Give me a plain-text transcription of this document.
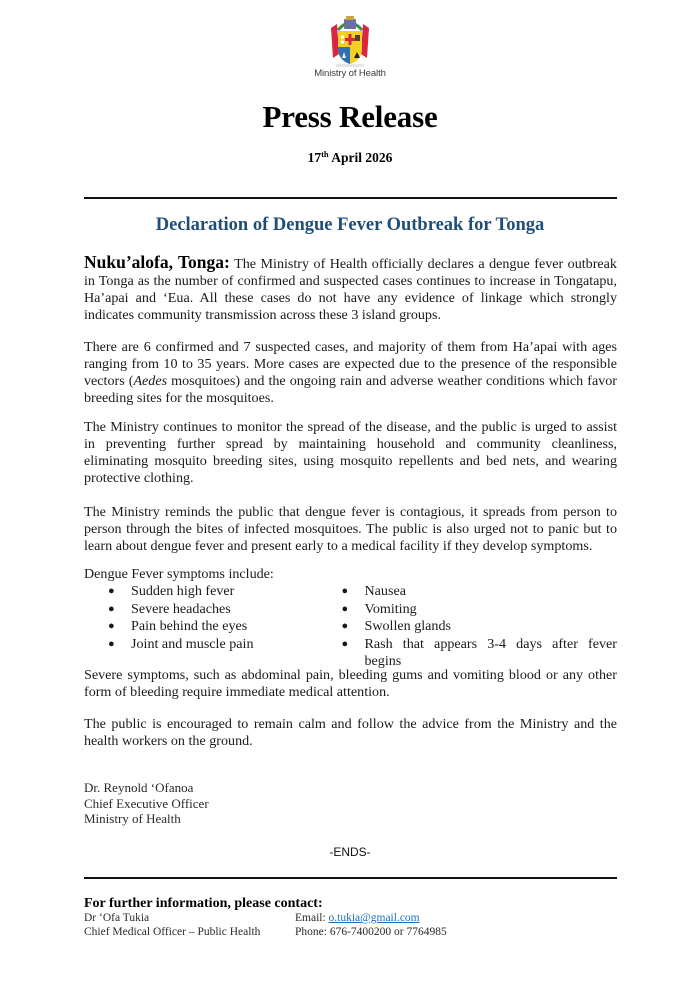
Ministry of Health
Press Release
17th April 2026
Declaration of Dengue Fever Outbreak for Tonga

Nuku’alofa, Tonga: The Ministry of Health officially declares a dengue fever outbreak in Tonga as the number of confirmed and suspected cases continues to increase in Tongatapu, Ha’apai and ‘Eua. All these cases do not have any evidence of linkage which strongly indicates community transmission across these 3 island groups.

There are 6 confirmed and 7 suspected cases, and majority of them from Ha’apai with ages ranging from 10 to 35 years. More cases are expected due to the presence of the responsible vectors (Aedes mosquitoes) and the ongoing rain and adverse weather conditions which favor breeding sites for the mosquitoes.

The Ministry continues to monitor the spread of the disease, and the public is urged to assist in preventing further spread by maintaining household and community cleanliness, eliminating mosquito breeding sites, using mosquito repellents and bed nets, and wearing protective clothing.

The Ministry reminds the public that dengue fever is contagious, it spreads from person to person through the bites of infected mosquitoes. The public is also urged not to panic but to learn about dengue fever and present early to a medical facility if they develop symptoms.

Dengue Fever symptoms include:

● Sudden high fever
● Severe headaches
● Pain behind the eyes
● Joint and muscle pain
● Nausea
● Vomiting
● Swollen glands
● Rash that appears 3-4 days after fever begins

Severe symptoms, such as abdominal pain, bleeding gums and vomiting blood or any other form of bleeding require immediate medical attention.

The public is encouraged to remain calm and follow the advice from the Ministry and the health workers on the ground.

Dr. Reynold ‘Ofanoa
Chief Executive Officer
Ministry of Health
-ENDS-
For further information, please contact:
Dr ‘Ofa Tukia	Email: o.tukia@gmail.com
Chief Medical Officer – Public Health	Phone: 676-7400200 or 7764985
